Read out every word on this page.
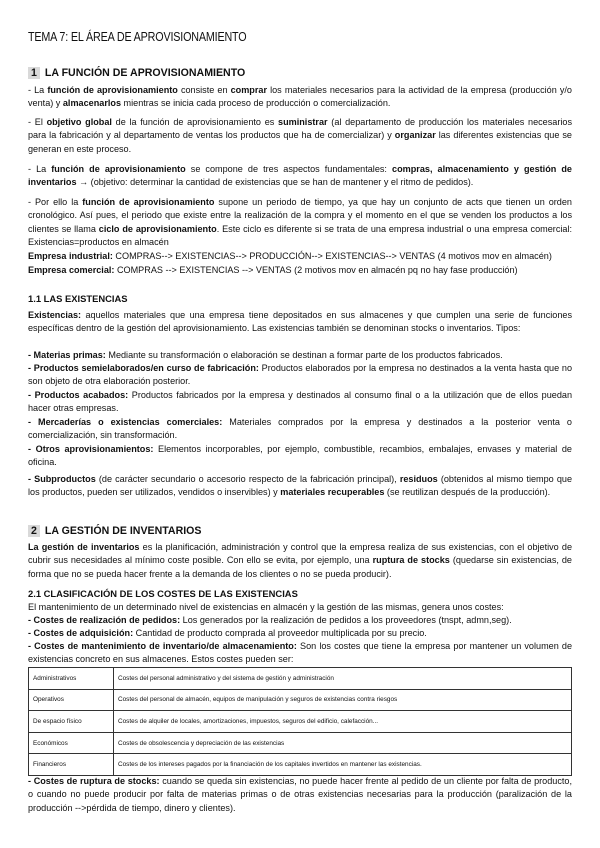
TEMA 7: EL ÁREA DE APROVISIONAMIENTO
1 LA FUNCIÓN DE APROVISIONAMIENTO
- La función de aprovisionamiento consiste en comprar los materiales necesarios para la actividad de la empresa (producción y/o venta) y almacenarlos mientras se inicia cada proceso de producción o comercialización.
- El objetivo global de la función de aprovisionamiento es suministrar (al departamento de producción los materiales necesarios para la fabricación y al departamento de ventas los productos que ha de comercializar) y organizar las diferentes existencias que se generan en este proceso.
- La función de aprovisionamiento se compone de tres aspectos fundamentales: compras, almacenamiento y gestión de inventarios → (objetivo: determinar la cantidad de existencias que se han de mantener y el ritmo de pedidos).
- Por ello la función de aprovisionamiento supone un periodo de tiempo, ya que hay un conjunto de acts que tienen un orden cronológico. Así pues, el periodo que existe entre la realización de la compra y el momento en el que se venden los productos a los clientes se llama ciclo de aprovisionamiento. Este ciclo es diferente si se trata de una empresa industrial o una empresa comercial: Existencias=productos en almacén
Empresa industrial: COMPRAS--> EXISTENCIAS--> PRODUCCIÓN--> EXISTENCIAS--> VENTAS (4 motivos mov en almacén)
Empresa comercial: COMPRAS --> EXISTENCIAS --> VENTAS (2 motivos mov en almacén pq no hay fase producción)
1.1 LAS EXISTENCIAS
Existencias: aquellos materiales que una empresa tiene depositados en sus almacenes y que cumplen una serie de funciones específicas dentro de la gestión del aprovisionamiento. Las existencias también se denominan stocks o inventarios. Tipos:
- Materias primas: Mediante su transformación o elaboración se destinan a formar parte de los productos fabricados.
- Productos semielaborados/en curso de fabricación: Productos elaborados por la empresa no destinados a la venta hasta que no son objeto de otra elaboración posterior.
- Productos acabados: Productos fabricados por la empresa y destinados al consumo final o a la utilización que de ellos puedan hacer otras empresas.
- Mercaderías o existencias comerciales: Materiales comprados por la empresa y destinados a la posterior venta o comercialización, sin transformación.
- Otros aprovisionamientos: Elementos incorporables, por ejemplo, combustible, recambios, embalajes, envases y material de oficina.
- Subproductos (de carácter secundario o accesorio respecto de la fabricación principal), residuos (obtenidos al mismo tiempo que los productos, pueden ser utilizados, vendidos o inservibles) y materiales recuperables (se reutilizan después de la producción).
2 LA GESTIÓN DE INVENTARIOS
La gestión de inventarios es la planificación, administración y control que la empresa realiza de sus existencias, con el objetivo de cubrir sus necesidades al mínimo coste posible. Con ello se evita, por ejemplo, una ruptura de stocks (quedarse sin existencias, de forma que no se pueda hacer frente a la demanda de los clientes o no se pueda producir).
2.1 CLASIFICACIÓN DE LOS COSTES DE LAS EXISTENCIAS
El mantenimiento de un determinado nivel de existencias en almacén y la gestión de las mismas, genera unos costes:
- Costes de realización de pedidos: Los generados por la realización de pedidos a los proveedores (tnspt, admn,seg).
- Costes de adquisición: Cantidad de producto comprada al proveedor multiplicada por su precio.
Administrativos	Costes del personal administrativo y del sistema de gestión y administración
Operativos	Costes del personal de almacén, equipos de manipulación y seguros de existencias contra riesgos
De espacio físico	Costes de alquiler de locales, amortizaciones, impuestos, seguros del edificio, calefacción...
Económicos	Costes de obsolescencia y depreciación de las existencias
Financieros	Costes de los intereses pagados por la financiación de los capitales invertidos en mantener las existencias.
- Costes de mantenimiento de inventario/de almacenamiento: Son los costes que tiene la empresa por mantener un volumen de existencias concreto en sus almacenes. Estos costes pueden ser:
- Costes de ruptura de stocks: cuando se queda sin existencias, no puede hacer frente al pedido de un cliente por falta de producto, o cuando no puede producir por falta de materias primas o de otras existencias necesarias para la producción (paralización de la producción -->pérdida de tiempo, dinero y clientes).
